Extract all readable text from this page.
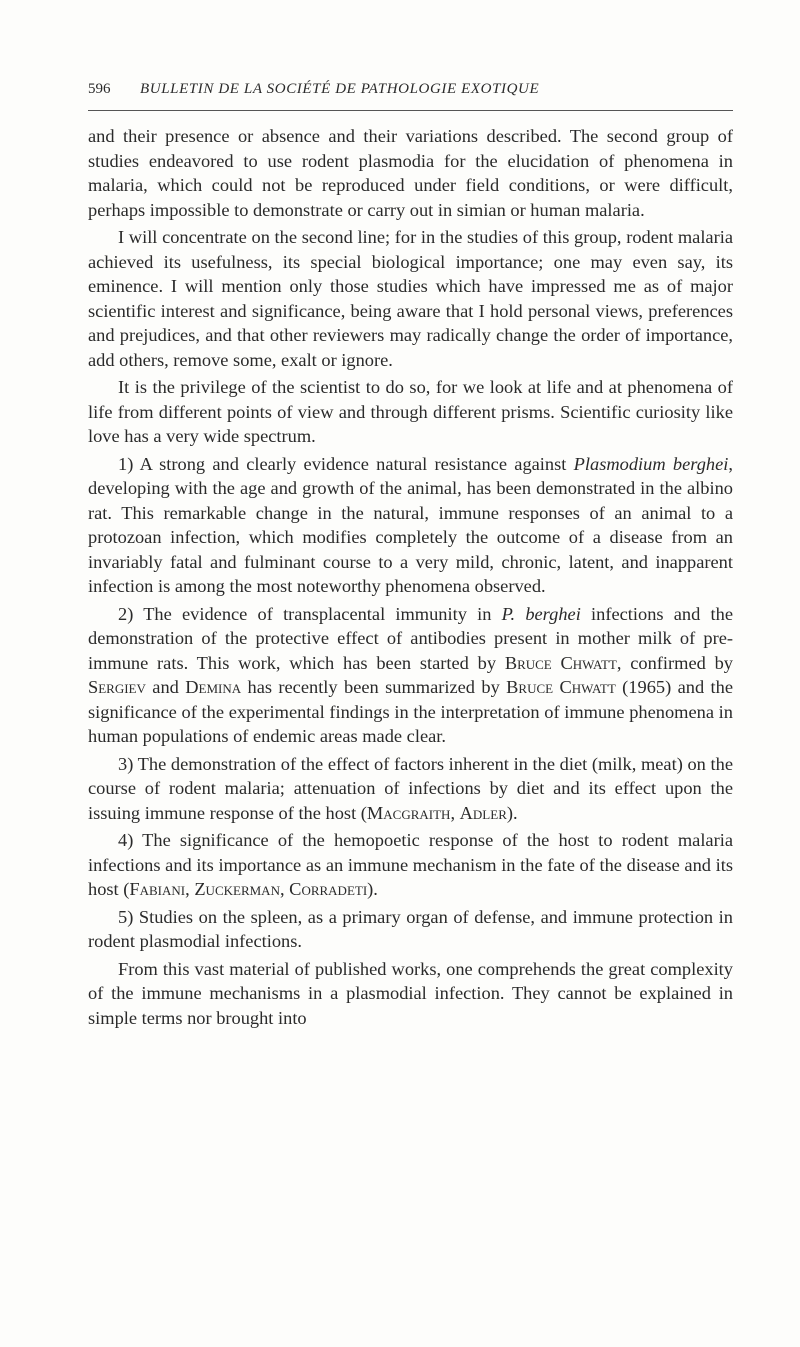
596 BULLETIN DE LA SOCIÉTÉ DE PATHOLOGIE EXOTIQUE

and their presence or absence and their variations described. The second group of studies endeavored to use rodent plasmodia for the elucidation of phenomena in malaria, which could not be reproduced under field conditions, or were difficult, perhaps impossible to demonstrate or carry out in simian or human malaria.

I will concentrate on the second line; for in the studies of this group, rodent malaria achieved its usefulness, its special biological importance; one may even say, its eminence. I will mention only those studies which have impressed me as of major scientific interest and significance, being aware that I hold personal views, preferences and prejudices, and that other reviewers may radically change the order of importance, add others, remove some, exalt or ignore.

It is the privilege of the scientist to do so, for we look at life and at phenomena of life from different points of view and through different prisms. Scientific curiosity like love has a very wide spectrum.

1) A strong and clearly evidence natural resistance against Plasmodium berghei, developing with the age and growth of the animal, has been demonstrated in the albino rat. This remarkable change in the natural, immune responses of an animal to a protozoan infection, which modifies completely the outcome of a disease from an invariably fatal and fulminant course to a very mild, chronic, latent, and inapparent infection is among the most noteworthy phenomena observed.

2) The evidence of transplacental immunity in P. berghei infections and the demonstration of the protective effect of antibodies present in mother milk of pre-immune rats. This work, which has been started by Bruce Chwatt, confirmed by Sergiev and Demina has recently been summarized by Bruce Chwatt (1965) and the significance of the experimental findings in the interpretation of immune phenomena in human populations of endemic areas made clear.

3) The demonstration of the effect of factors inherent in the diet (milk, meat) on the course of rodent malaria; attenuation of infections by diet and its effect upon the issuing immune response of the host (Macgraith, Adler).

4) The significance of the hemopoetic response of the host to rodent malaria infections and its importance as an immune mechanism in the fate of the disease and its host (Fabiani, Zuckerman, Corradeti).

5) Studies on the spleen, as a primary organ of defense, and immune protection in rodent plasmodial infections.

From this vast material of published works, one comprehends the great complexity of the immune mechanisms in a plasmodial infection. They cannot be explained in simple terms nor brought into
